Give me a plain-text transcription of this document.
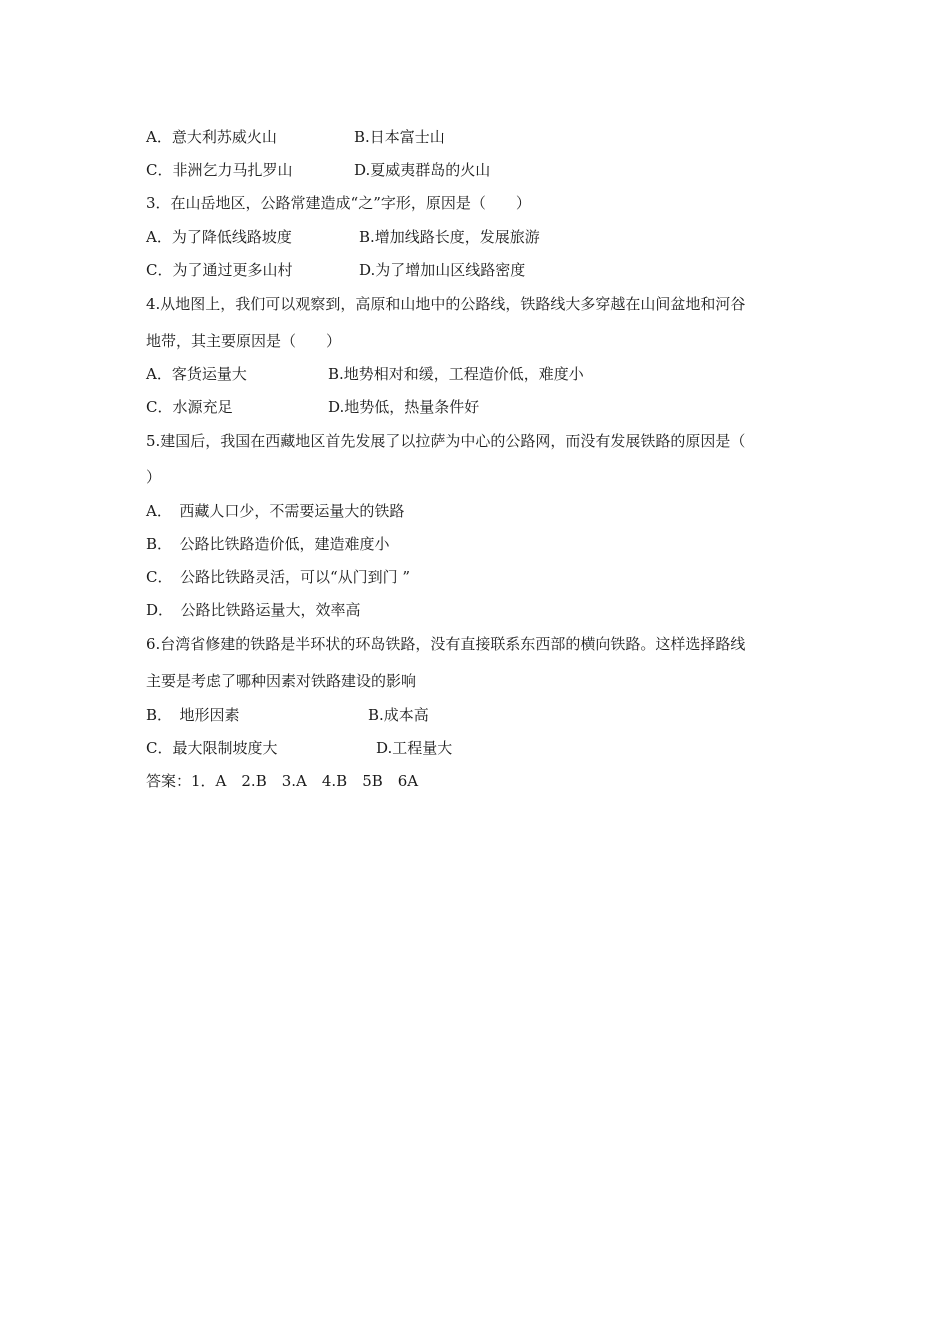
A．意大利苏威火山	B.日本富士山
C．非洲乞力马扎罗山	D.夏威夷群岛的火山
3．在山岳地区，公路常建造成“之”字形，原因是（　　）
A．为了降低线路坡度	B.增加线路长度，发展旅游
C．为了通过更多山村	D.为了增加山区线路密度
4.从地图上，我们可以观察到，高原和山地中的公路线，铁路线大多穿越在山间盆地和河谷
地带，其主要原因是（　　）
A．客货运量大	B.地势相对和缓，工程造价低，难度小
C．水源充足	D.地势低，热量条件好
5.建国后，我国在西藏地区首先发展了以拉萨为中心的公路网，而没有发展铁路的原因是（
）
A．　西藏人口少，不需要运量大的铁路
B．　公路比铁路造价低，建造难度小
C．　公路比铁路灵活，可以“从门到门 ”
D．　公路比铁路运量大，效率高
6.台湾省修建的铁路是半环状的环岛铁路，没有直接联系东西部的横向铁路。这样选择路线
主要是考虑了哪种因素对铁路建设的影响
B．　地形因素	B.成本高
C．最大限制坡度大	D.工程量大
答案：1．A　2.B　3.A　4.B　5B　6A
